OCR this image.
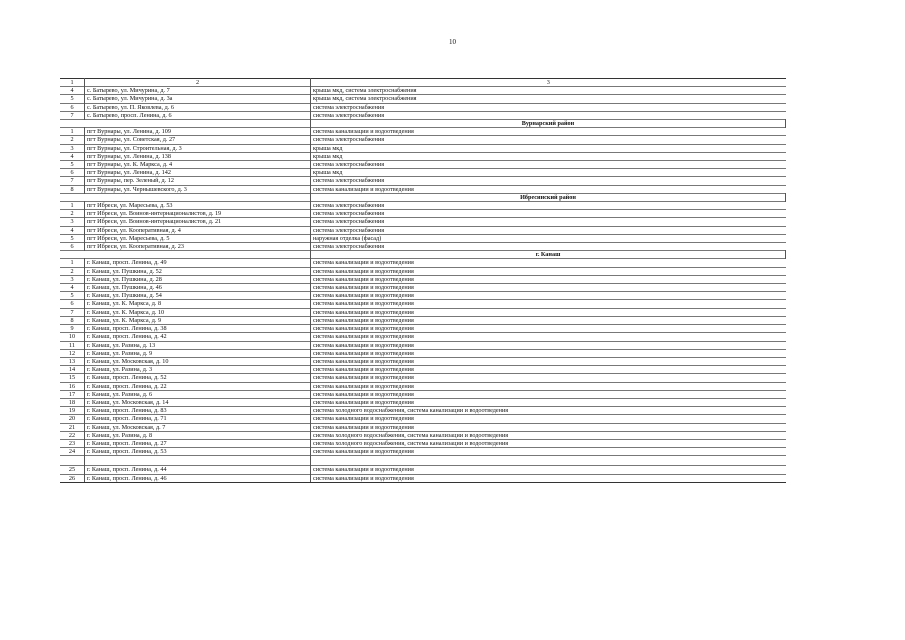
10
1	2	3
4	с. Батырево, ул. Мичурина, д. 7	крыша мкд, система электроснабжения
5	с. Батырево, ул. Мичурина, д. 3а	крыша мкд, система электроснабжения
6	с. Батырево, ул. П. Яковлева, д. 6	система электроснабжения
7	с. Батырево, просп. Ленина, д. 6	система электроснабжения
		Вурнарский район
1	пгт Вурнары, ул. Ленина, д. 109	система канализации и водоотведения
2	пгт Вурнары, ул. Советская, д. 27	система электроснабжения
3	пгт Вурнары, ул. Строительная, д. 3	крыша мкд
4	пгт Вурнары, ул. Ленина, д. 138	крыша мкд
5	пгт Вурнары, ул. К. Маркса, д. 4	система электроснабжения
6	пгт Вурнары, ул. Ленина, д. 142	крыша мкд
7	пгт Вурнары, пер. Зеленый, д. 12	система электроснабжения
8	пгт Вурнары, ул. Чернышевского, д. 3	система канализации и водоотведения
		Ибресинский район
1	пгт Ибреси, ул. Маресьева, д. 53	система электроснабжения
2	пгт Ибреси, ул. Воинов-интернационалистов, д. 19	система электроснабжения
3	пгт Ибреси, ул. Воинов-интернационалистов, д. 21	система электроснабжения
4	пгт Ибреси, ул. Кооперативная, д. 4	система электроснабжения
5	пгт Ибреси, ул. Маресьева, д. 5	наружная отделка (фасад)
6	пгт Ибреси, ул. Кооперативная, д. 23	система электроснабжения
		г. Канаш
1	г. Канаш, просп. Ленина, д. 49	система канализации и водоотведения
2	г. Канаш, ул. Пушкина, д. 52	система канализации и водоотведения
3	г. Канаш, ул. Пушкина, д. 28	система канализации и водоотведения
4	г. Канаш, ул. Пушкина, д. 46	система канализации и водоотведения
5	г. Канаш, ул. Пушкина, д. 54	система канализации и водоотведения
6	г. Канаш, ул. К. Маркса, д. 8	система канализации и водоотведения
7	г. Канаш, ул. К. Маркса, д. 10	система канализации и водоотведения
8	г. Канаш, ул. К. Маркса, д. 9	система канализации и водоотведения
9	г. Канаш, просп. Ленина, д. 38	система канализации и водоотведения
10	г. Канаш, просп. Ленина, д. 42	система канализации и водоотведения
11	г. Канаш, ул. Разина, д. 13	система канализации и водоотведения
12	г. Канаш, ул. Разина, д. 9	система канализации и водоотведения
13	г. Канаш, ул. Московская, д. 10	система канализации и водоотведения
14	г. Канаш, ул. Разина, д. 3	система канализации и водоотведения
15	г. Канаш, просп. Ленина, д. 52	система канализации и водоотведения
16	г. Канаш, просп. Ленина, д. 22	система канализации и водоотведения
17	г. Канаш, ул. Разина, д. 6	система канализации и водоотведения
18	г. Канаш, ул. Московская, д. 14	система канализации и водоотведения
19	г. Канаш, просп. Ленина, д. 83	система холодного водоснабжения, система канализации и водоотведения
20	г. Канаш, просп. Ленина, д. 71	система канализации и водоотведения
21	г. Канаш, ул. Московская, д. 7	система канализации и водоотведения
22	г. Канаш, ул. Разина, д. 8	система холодного водоснабжения, система канализации и водоотведения
23	г. Канаш, просп. Ленина, д. 27	система холодного водоснабжения, система канализации и водоотведения
24	г. Канаш, просп. Ленина, д. 53	система канализации и водоотведения

25	г. Канаш, просп. Ленина, д. 44	система канализации и водоотведения
26	г. Канаш, просп. Ленина, д. 46	система канализации и водоотведения
